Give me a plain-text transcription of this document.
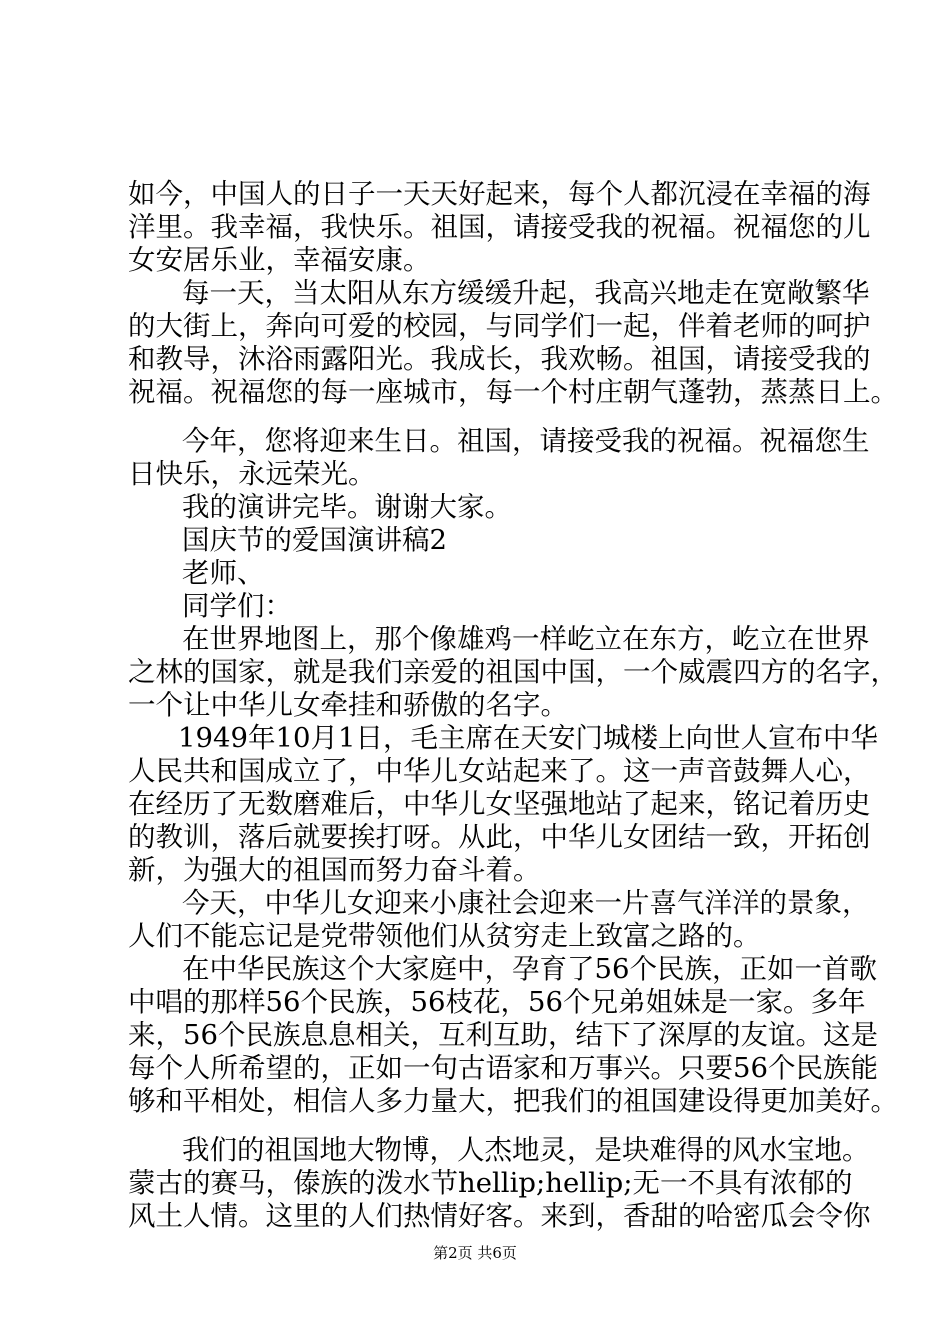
如今，中国人的日子一天天好起来，每个人都沉浸在幸福的海
洋里。我幸福，我快乐。祖国，请接受我的祝福。祝福您的儿
女安居乐业，幸福安康。
每一天，当太阳从东方缓缓升起，我高兴地走在宽敞繁华
的大街上，奔向可爱的校园，与同学们一起，伴着老师的呵护
和教导，沐浴雨露阳光。我成长，我欢畅。祖国，请接受我的
祝福。祝福您的每一座城市，每一个村庄朝气蓬勃，蒸蒸日上。
今年，您将迎来生日。祖国，请接受我的祝福。祝福您生
日快乐，永远荣光。
我的演讲完毕。谢谢大家。
国庆节的爱国演讲稿2
老师、
同学们：
在世界地图上，那个像雄鸡一样屹立在东方，屹立在世界
之林的国家，就是我们亲爱的祖国中国，一个威震四方的名字，
一个让中华儿女牵挂和骄傲的名字。
1949年10月1日，毛主席在天安门城楼上向世人宣布中华
人民共和国成立了，中华儿女站起来了。这一声音鼓舞人心，
在经历了无数磨难后，中华儿女坚强地站了起来，铭记着历史
的教训，落后就要挨打呀。从此，中华儿女团结一致，开拓创
新，为强大的祖国而努力奋斗着。
今天，中华儿女迎来小康社会迎来一片喜气洋洋的景象，
人们不能忘记是党带领他们从贫穷走上致富之路的。
在中华民族这个大家庭中，孕育了56个民族，正如一首歌
中唱的那样56个民族，56枝花，56个兄弟姐妹是一家。多年
来，56个民族息息相关，互利互助，结下了深厚的友谊。这是
每个人所希望的，正如一句古语家和万事兴。只要56个民族能
够和平相处，相信人多力量大，把我们的祖国建设得更加美好。
我们的祖国地大物博，人杰地灵，是块难得的风水宝地。
蒙古的赛马，傣族的泼水节hellip;hellip;无一不具有浓郁的
风土人情。这里的人们热情好客。来到，香甜的哈密瓜会令你
第2页 共6页
